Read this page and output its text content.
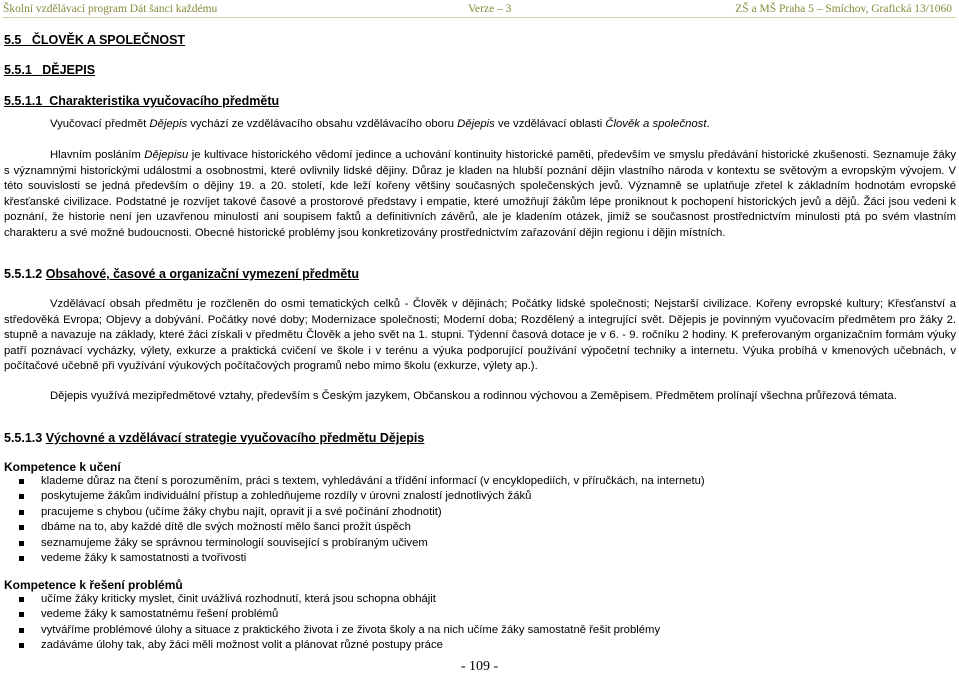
Školní vzdělávací program Dát šanci každému	Verze – 3	ZŠ a MŠ Praha 5 – Smíchov, Grafická 13/1060
5.5 ČLOVĚK A SPOLEČNOST
5.5.1 DĚJEPIS
5.5.1.1 Charakteristika vyučovacího předmětu
Vyučovací předmět Dějepis vychází ze vzdělávacího obsahu vzdělávacího oboru Dějepis ve vzdělávací oblasti Člověk a společnost.

Hlavním posláním Dějepisu je kultivace historického vědomí jedince a uchování kontinuity historické paměti, především ve smyslu předávání historické zkušenosti. Seznamuje žáky s významnými historickými událostmi a osobnostmi, které ovlivnily lidské dějiny. Důraz je kladen na hlubší poznání dějin vlastního národa v kontextu se světovým a evropským vývojem. V této souvislosti se jedná především o dějiny 19. a 20. století, kde leží kořeny většiny současných společenských jevů. Významně se uplatňuje zřetel k základním hodnotám evropské křesťanské civilizace. Podstatné je rozvíjet takové časové a prostorové představy i empatie, které umožňují žákům lépe proniknout k pochopení historických jevů a dějů. Žáci jsou vedeni k poznání, že historie není jen uzavřenou minulostí ani soupisem faktů a definitivních závěrů, ale je kladením otázek, jimiž se současnost prostřednictvím minulosti ptá po svém vlastním charakteru a své možné budoucnosti. Obecné historické problémy jsou konkretizovány prostřednictvím zařazování dějin regionu i dějin místních.

5.5.1.2 Obsahové, časové a organizační vymezení předmětu

Vzdělávací obsah předmětu je rozčleněn do osmi tematických celků - Člověk v dějinách; Počátky lidské společnosti; Nejstarší civilizace. Kořeny evropské kultury; Křesťanství a středověká Evropa; Objevy a dobývání. Počátky nové doby; Modernizace společnosti; Moderní doba; Rozdělený a integrující svět. Dějepis je povinným vyučovacím předmětem pro žáky 2. stupně a navazuje na základy, které žáci získali v předmětu Člověk a jeho svět na 1. stupni. Týdenní časová dotace je v 6. - 9. ročníku 2 hodiny. K preferovaným organizačním formám výuky patří poznávací vycházky, výlety, exkurze a praktická cvičení ve škole i v terénu a výuka podporující používání výpočetní techniky a internetu. Výuka probíhá v kmenových učebnách, v počítačové učebně při využívání výukových počítačových programů nebo mimo školu (exkurze, výlety ap.).

Dějepis využívá mezipředmětové vztahy, především s Českým jazykem, Občanskou a rodinnou výchovou a Zeměpisem. Předmětem prolínají všechna průřezová témata.

5.5.1.3 Výchovné a vzdělávací strategie vyučovacího předmětu Dějepis
Kompetence k učení
klademe důraz na čtení s porozuměním, práci s textem, vyhledávání a třídění informací (v encyklopediích, v příručkách, na internetu)
poskytujeme žákům individuální přístup a zohledňujeme rozdíly v úrovni znalostí jednotlivých žáků
pracujeme s chybou (učíme žáky chybu najít, opravit ji a své počínání zhodnotit)
dbáme na to, aby každé dítě dle svých možností mělo šanci prožít úspěch
seznamujeme žáky se správnou terminologií související s probíraným učivem
vedeme žáky k samostatnosti a tvořivosti
Kompetence k řešení problémů
učíme žáky kriticky myslet, činit uvážlivá rozhodnutí, která jsou schopna obhájit
vedeme žáky k samostatnému řešení problémů
vytváříme problémové úlohy a situace z praktického života i ze života školy a na nich učíme žáky samostatně řešit problémy
zadáváme úlohy tak, aby žáci měli možnost volit a plánovat různé postupy práce
- 109 -
